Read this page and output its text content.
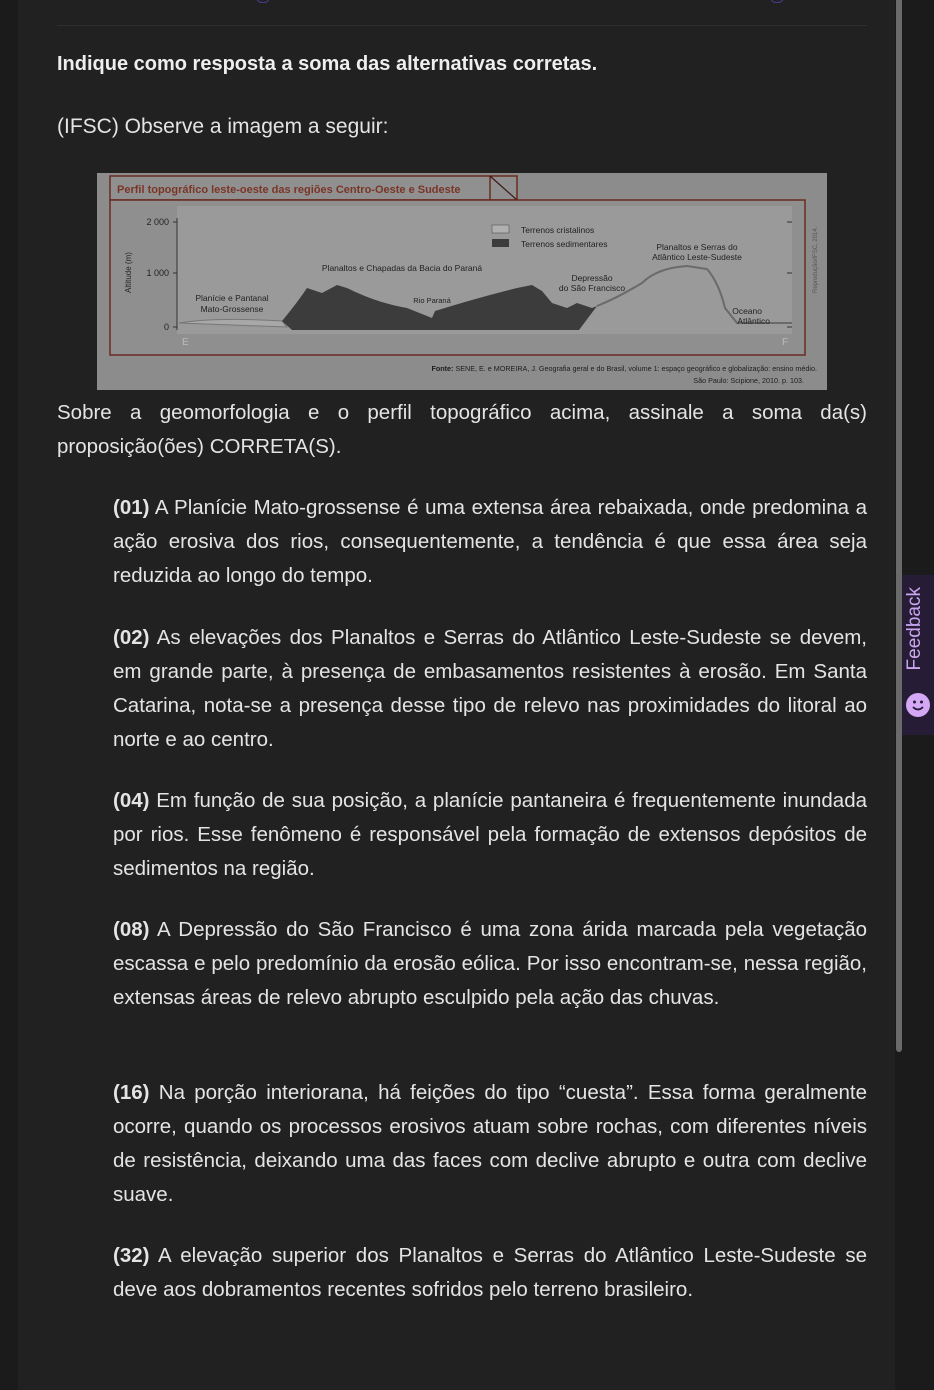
Indique como resposta a soma das alternativas corretas.
(IFSC) Observe a imagem a seguir:
Perfil topográfico leste-oeste das regiões Centro-Oeste e Sudeste
2 000
1 000
0
Altitude (m)
E	F
Terrenos cristalinos
Terrenos sedimentares
Planície e Pantanal
Mato-Grossense
Planaltos e Chapadas da Bacia do Paraná
Rio Paraná
Depressão
do São Francisco
Planaltos e Serras do
Atlântico Leste-Sudeste
Oceano
Atlântico
Reprodução/IFSC, 2014.
Fonte: SENE, E. e MOREIRA, J. Geografia geral e do Brasil, volume 1: espaço geográfico e globalização: ensino médio.
São Paulo: Scipione, 2010. p. 103.
Sobre a geomorfologia e o perfil topográfico acima, assinale a soma da(s) proposição(ões) CORRETA(S).
(01) A Planície Mato-grossense é uma extensa área rebaixada, onde predomina a ação erosiva dos rios, consequentemente, a tendência é que essa área seja reduzida ao longo do tempo.
(02) As elevações dos Planaltos e Serras do Atlântico Leste-Sudeste se devem, em grande parte, à presença de embasamentos resistentes à erosão. Em Santa Catarina, nota-se a presença desse tipo de relevo nas proximidades do litoral ao norte e ao centro.
(04) Em função de sua posição, a planície pantaneira é frequentemente inundada por rios. Esse fenômeno é responsável pela formação de extensos depósitos de sedimentos na região.
(08) A Depressão do São Francisco é uma zona árida marcada pela vegetação escassa e pelo predomínio da erosão eólica. Por isso encontram-se, nessa região, extensas áreas de relevo abrupto esculpido pela ação das chuvas.
(16) Na porção interiorana, há feições do tipo “cuesta”. Essa forma geralmente ocorre, quando os processos erosivos atuam sobre rochas, com diferentes níveis de resistência, deixando uma das faces com declive abrupto e outra com declive suave.
(32) A elevação superior dos Planaltos e Serras do Atlântico Leste-Sudeste se deve aos dobramentos recentes sofridos pelo terreno brasileiro.
Feedback
